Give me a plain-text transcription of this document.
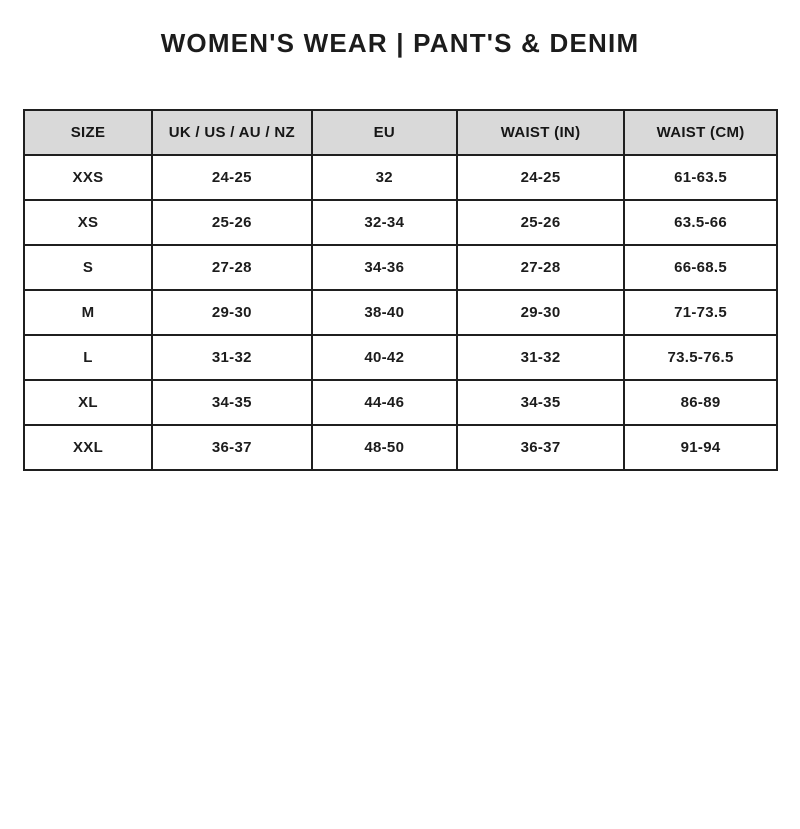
WOMEN'S WEAR | PANT'S & DENIM
SIZE	UK / US / AU / NZ	EU	WAIST (IN)	WAIST (CM)
XXS	24-25	32	24-25	61-63.5
XS	25-26	32-34	25-26	63.5-66
S	27-28	34-36	27-28	66-68.5
M	29-30	38-40	29-30	71-73.5
L	31-32	40-42	31-32	73.5-76.5
XL	34-35	44-46	34-35	86-89
XXL	36-37	48-50	36-37	91-94
